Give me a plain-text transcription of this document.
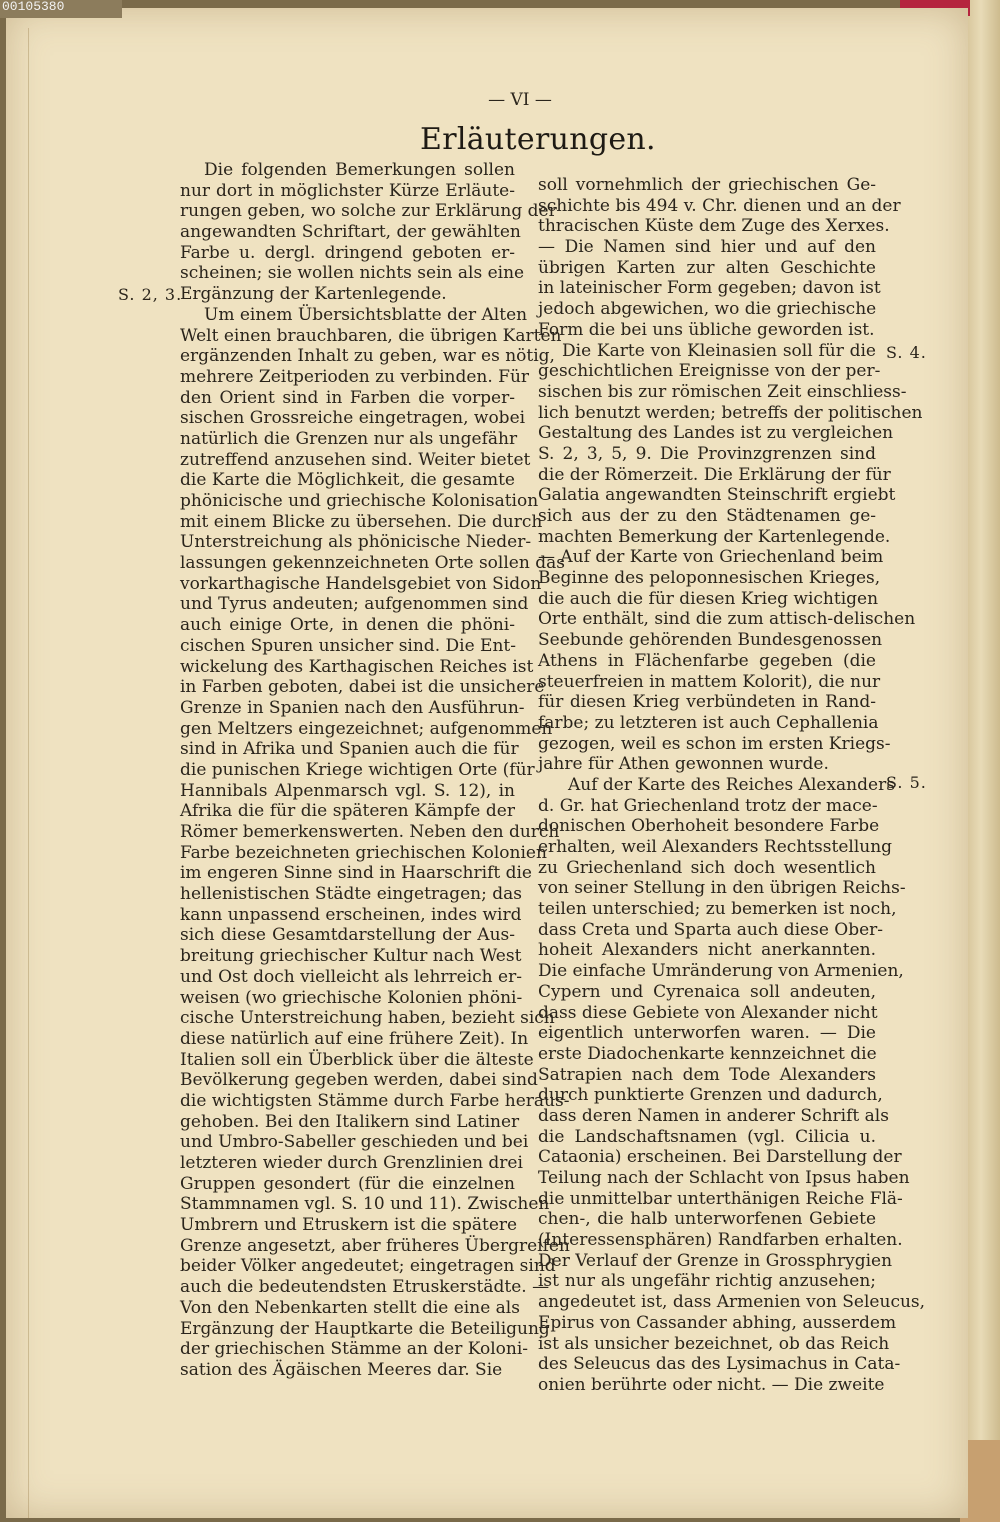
00105380
— VI —
Erläuterungen.
S. 2, 3.
S. 4.
S. 5.
Die folgenden Bemerkungen sollen
nur dort in möglichster Kürze Erläute-
rungen geben, wo solche zur Erklärung der
angewandten Schriftart, der gewählten
Farbe u. dergl. dringend geboten er-
scheinen; sie wollen nichts sein als eine
Ergänzung der Kartenlegende.
Um einem Übersichtsblatte der Alten
Welt einen brauchbaren, die übrigen Karten
ergänzenden Inhalt zu geben, war es nötig,
mehrere Zeitperioden zu verbinden. Für
den Orient sind in Farben die vorper-
sischen Grossreiche eingetragen, wobei
natürlich die Grenzen nur als ungefähr
zutreffend anzusehen sind. Weiter bietet
die Karte die Möglichkeit, die gesamte
phönicische und griechische Kolonisation
mit einem Blicke zu übersehen. Die durch
Unterstreichung als phönicische Nieder-
lassungen gekennzeichneten Orte sollen das
vorkarthagische Handelsgebiet von Sidon
und Tyrus andeuten; aufgenommen sind
auch einige Orte, in denen die phöni-
cischen Spuren unsicher sind. Die Ent-
wickelung des Karthagischen Reiches ist
in Farben geboten, dabei ist die unsichere
Grenze in Spanien nach den Ausführun-
gen Meltzers eingezeichnet; aufgenommen
sind in Afrika und Spanien auch die für
die punischen Kriege wichtigen Orte (für
Hannibals Alpenmarsch vgl. S. 12), in
Afrika die für die späteren Kämpfe der
Römer bemerkenswerten. Neben den durch
Farbe bezeichneten griechischen Kolonien
im engeren Sinne sind in Haarschrift die
hellenistischen Städte eingetragen; das
kann unpassend erscheinen, indes wird
sich diese Gesamtdarstellung der Aus-
breitung griechischer Kultur nach West
und Ost doch vielleicht als lehrreich er-
weisen (wo griechische Kolonien phöni-
cische Unterstreichung haben, bezieht sich
diese natürlich auf eine frühere Zeit). In
Italien soll ein Überblick über die älteste
Bevölkerung gegeben werden, dabei sind
die wichtigsten Stämme durch Farbe heraus-
gehoben. Bei den Italikern sind Latiner
und Umbro-Sabeller geschieden und bei
letzteren wieder durch Grenzlinien drei
Gruppen gesondert (für die einzelnen
Stammnamen vgl. S. 10 und 11). Zwischen
Umbrern und Etruskern ist die spätere
Grenze angesetzt, aber früheres Übergreifen
beider Völker angedeutet; eingetragen sind
auch die bedeutendsten Etruskerstädte. —
Von den Nebenkarten stellt die eine als
Ergänzung der Hauptkarte die Beteiligung
der griechischen Stämme an der Koloni-
sation des Ägäischen Meeres dar. Sie
soll vornehmlich der griechischen Ge-
schichte bis 494 v. Chr. dienen und an der
thracischen Küste dem Zuge des Xerxes.
— Die Namen sind hier und auf den
übrigen Karten zur alten Geschichte
in lateinischer Form gegeben; davon ist
jedoch abgewichen, wo die griechische
Form die bei uns übliche geworden ist.
Die Karte von Kleinasien soll für die
geschichtlichen Ereignisse von der per-
sischen bis zur römischen Zeit einschliess-
lich benutzt werden; betreffs der politischen
Gestaltung des Landes ist zu vergleichen
S. 2, 3, 5, 9. Die Provinzgrenzen sind
die der Römerzeit. Die Erklärung der für
Galatia angewandten Steinschrift ergiebt
sich aus der zu den Städtenamen ge-
machten Bemerkung der Kartenlegende.
— Auf der Karte von Griechenland beim
Beginne des peloponnesischen Krieges,
die auch die für diesen Krieg wichtigen
Orte enthält, sind die zum attisch-delischen
Seebunde gehörenden Bundesgenossen
Athens in Flächenfarbe gegeben (die
steuerfreien in mattem Kolorit), die nur
für diesen Krieg verbündeten in Rand-
farbe; zu letzteren ist auch Cephallenia
gezogen, weil es schon im ersten Kriegs-
jahre für Athen gewonnen wurde.
Auf der Karte des Reiches Alexanders
d. Gr. hat Griechenland trotz der mace-
donischen Oberhoheit besondere Farbe
erhalten, weil Alexanders Rechtsstellung
zu Griechenland sich doch wesentlich
von seiner Stellung in den übrigen Reichs-
teilen unterschied; zu bemerken ist noch,
dass Creta und Sparta auch diese Ober-
hoheit Alexanders nicht anerkannten.
Die einfache Umränderung von Armenien,
Cypern und Cyrenaica soll andeuten,
dass diese Gebiete von Alexander nicht
eigentlich unterworfen waren. — Die
erste Diadochenkarte kennzeichnet die
Satrapien nach dem Tode Alexanders
durch punktierte Grenzen und dadurch,
dass deren Namen in anderer Schrift als
die Landschaftsnamen (vgl. Cilicia u.
Cataonia) erscheinen. Bei Darstellung der
Teilung nach der Schlacht von Ipsus haben
die unmittelbar unterthänigen Reiche Flä-
chen-, die halb unterworfenen Gebiete
(Interessensphären) Randfarben erhalten.
Der Verlauf der Grenze in Grossphrygien
ist nur als ungefähr richtig anzusehen;
angedeutet ist, dass Armenien von Seleucus,
Epirus von Cassander abhing, ausserdem
ist als unsicher bezeichnet, ob das Reich
des Seleucus das des Lysimachus in Cata-
onien berührte oder nicht. — Die zweite
